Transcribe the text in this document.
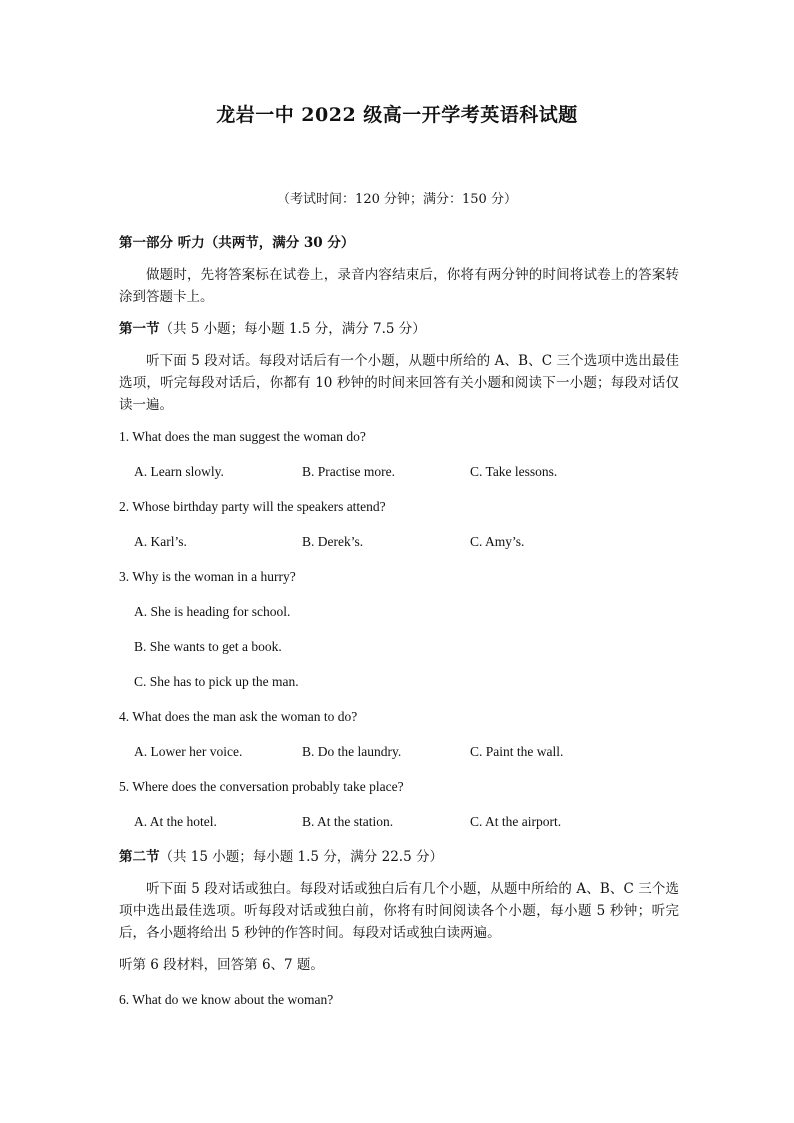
龙岩一中 2022 级高一开学考英语科试题
（考试时间：120 分钟；满分：150 分）
第一部分 听力（共两节，满分 30 分）
做题时，先将答案标在试卷上，录音内容结束后，你将有两分钟的时间将试卷上的答案转涂到答题卡上。
第一节（共 5 小题；每小题 1.5 分，满分 7.5 分）
听下面 5 段对话。每段对话后有一个小题，从题中所给的 A、B、C 三个选项中选出最佳选项，听完每段对话后，你都有 10 秒钟的时间来回答有关小题和阅读下一小题；每段对话仅读一遍。
1. What does the man suggest the woman do?
A. Learn slowly.	B. Practise more.	C. Take lessons.
2. Whose birthday party will the speakers attend?
A. Karl’s.	B. Derek’s.	C. Amy’s.
3. Why is the woman in a hurry?
A. She is heading for school.
B. She wants to get a book.
C. She has to pick up the man.
4. What does the man ask the woman to do?
A. Lower her voice.	B. Do the laundry.	C. Paint the wall.
5. Where does the conversation probably take place?
A. At the hotel.	B. At the station.	C. At the airport.
第二节（共 15 小题；每小题 1.5 分，满分 22.5 分）
听下面 5 段对话或独白。每段对话或独白后有几个小题，从题中所给的 A、B、C 三个选项中选出最佳选项。听每段对话或独白前，你将有时间阅读各个小题，每小题 5 秒钟；听完后，各小题将给出 5 秒钟的作答时间。每段对话或独白读两遍。
听第 6 段材料，回答第 6、7 题。
6. What do we know about the woman?
